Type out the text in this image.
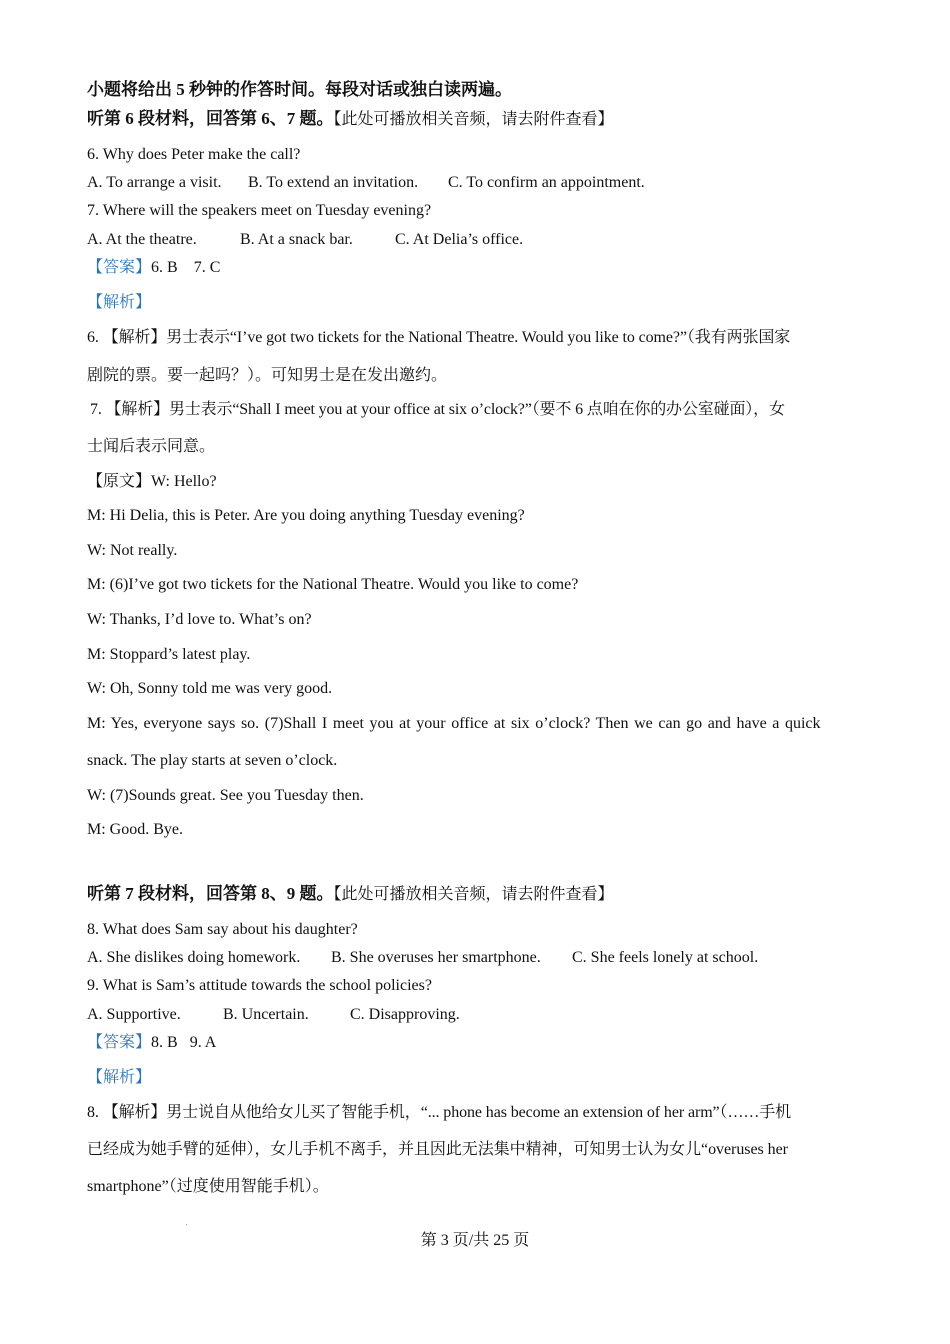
小题将给出 5 秒钟的作答时间。每段对话或独白读两遍。
听第 6 段材料，回答第 6、7 题。【此处可播放相关音频，请去附件查看】
6. Why does Peter make the call?
A. To arrange a visit. B. To extend an invitation. C. To confirm an appointment.
7. Where will the speakers meet on Tuesday evening?
A. At the theatre.	B. At a snack bar.	C. At Delia’s office.
【答案】6. B    7. C
【解析】
6. 【解析】男士表示“I’ve got two tickets for the National Theatre. Would you like to come?”（我有两张国家
剧院的票。要一起吗？）。可知男士是在发出邀约。
7. 【解析】男士表示“Shall I meet you at your office at six o’clock?”（要不 6 点咱在你的办公室碰面），女
士闻后表示同意。
【原文】W: Hello?
M: Hi Delia, this is Peter. Are you doing anything Tuesday evening?
W: Not really.
M: (6)I’ve got two tickets for the National Theatre. Would you like to come?
W: Thanks, I’d love to. What’s on?
M: Stoppard’s latest play.
W: Oh, Sonny told me was very good.
M: Yes, everyone says so. (7)Shall I meet you at your office at six o’clock? Then we can go and have a quick
snack. The play starts at seven o’clock.
W: (7)Sounds great. See you Tuesday then.
M: Good. Bye.
听第 7 段材料，回答第 8、9 题。【此处可播放相关音频，请去附件查看】
8. What does Sam say about his daughter?
A. She dislikes doing homework. B. She overuses her smartphone. C. She feels lonely at school.
9. What is Sam’s attitude towards the school policies?
A. Supportive.	B. Uncertain.	C. Disapproving.
【答案】8. B   9. A
【解析】
8. 【解析】男士说自从他给女儿买了智能手机，“... phone has become an extension of her arm”（……手机
已经成为她手臂的延伸），女儿手机不离手，并且因此无法集中精神，可知男士认为女儿“overuses her
smartphone”（过度使用智能手机）。
第 3 页/共 25 页
